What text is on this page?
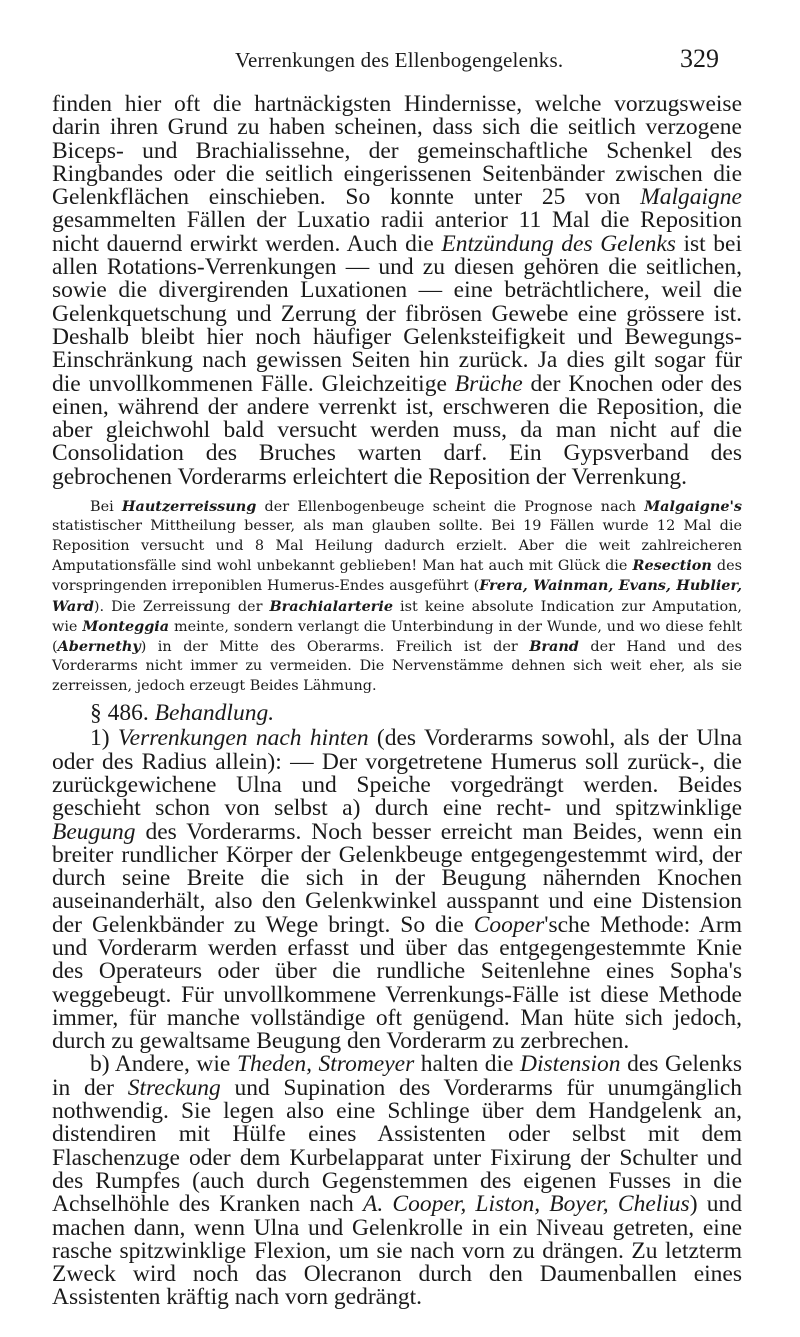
Verrenkungen des Ellenbogengelenks.	329

finden hier oft die hartnäckigsten Hindernisse, welche vorzugsweise darin ihren Grund zu haben scheinen, dass sich die seitlich verzogene Biceps- und Brachialissehne, der gemeinschaftliche Schenkel des Ringbandes oder die seitlich eingerissenen Seitenbänder zwischen die Gelenkflächen einschieben. So konnte unter 25 von Malgaigne gesammelten Fällen der Luxatio radii anterior 11 Mal die Reposition nicht dauernd erwirkt werden. Auch die Entzündung des Gelenks ist bei allen Rotations-Verrenkungen — und zu diesen gehören die seitlichen, sowie die divergirenden Luxationen — eine beträchtlichere, weil die Gelenkquetschung und Zerrung der fibrösen Gewebe eine grössere ist. Deshalb bleibt hier noch häufiger Gelenksteifigkeit und Bewegungs-Einschränkung nach gewissen Seiten hin zurück. Ja dies gilt sogar für die unvollkommenen Fälle. Gleichzeitige Brüche der Knochen oder des einen, während der andere verrenkt ist, erschweren die Reposition, die aber gleichwohl bald versucht werden muss, da man nicht auf die Consolidation des Bruches warten darf. Ein Gypsverband des gebrochenen Vorderarms erleichtert die Reposition der Verrenkung.

Bei Hautzerreissung der Ellenbogenbeuge scheint die Prognose nach Malgaigne's statistischer Mittheilung besser, als man glauben sollte. Bei 19 Fällen wurde 12 Mal die Reposition versucht und 8 Mal Heilung dadurch erzielt. Aber die weit zahlreicheren Amputationsfälle sind wohl unbekannt geblieben! Man hat auch mit Glück die Resection des vorspringenden irreponiblen Humerus-Endes ausgeführt (Frera, Wainman, Evans, Hublier, Ward). Die Zerreissung der Brachialarterie ist keine absolute Indication zur Amputation, wie Monteggia meinte, sondern verlangt die Unterbindung in der Wunde, und wo diese fehlt (Abernethy) in der Mitte des Oberarms. Freilich ist der Brand der Hand und des Vorderarms nicht immer zu vermeiden. Die Nervenstämme dehnen sich weit eher, als sie zerreissen, jedoch erzeugt Beides Lähmung.

§ 486. Behandlung.

1) Verrenkungen nach hinten (des Vorderarms sowohl, als der Ulna oder des Radius allein): — Der vorgetretene Humerus soll zurück-, die zurückgewichene Ulna und Speiche vorgedrängt werden. Beides geschieht schon von selbst a) durch eine recht- und spitzwinklige Beugung des Vorderarms. Noch besser erreicht man Beides, wenn ein breiter rundlicher Körper der Gelenkbeuge entgegengestemmt wird, der durch seine Breite die sich in der Beugung nähernden Knochen auseinanderhält, also den Gelenkwinkel ausspannt und eine Distension der Gelenkbänder zu Wege bringt. So die Cooper'sche Methode: Arm und Vorderarm werden erfasst und über das entgegengestemmte Knie des Operateurs oder über die rundliche Seitenlehne eines Sopha's weggebeugt. Für unvollkommene Verrenkungs-Fälle ist diese Methode immer, für manche vollständige oft genügend. Man hüte sich jedoch, durch zu gewaltsame Beugung den Vorderarm zu zerbrechen.

b) Andere, wie Theden, Stromeyer halten die Distension des Gelenks in der Streckung und Supination des Vorderarms für unumgänglich nothwendig. Sie legen also eine Schlinge über dem Handgelenk an, distendiren mit Hülfe eines Assistenten oder selbst mit dem Flaschenzuge oder dem Kurbelapparat unter Fixirung der Schulter und des Rumpfes (auch durch Gegenstemmen des eigenen Fusses in die Achselhöhle des Kranken nach A. Cooper, Liston, Boyer, Chelius) und machen dann, wenn Ulna und Gelenkrolle in ein Niveau getreten, eine rasche spitzwinklige Flexion, um sie nach vorn zu drängen. Zu letzterm Zweck wird noch das Olecranon durch den Daumenballen eines Assistenten kräftig nach vorn gedrängt.
